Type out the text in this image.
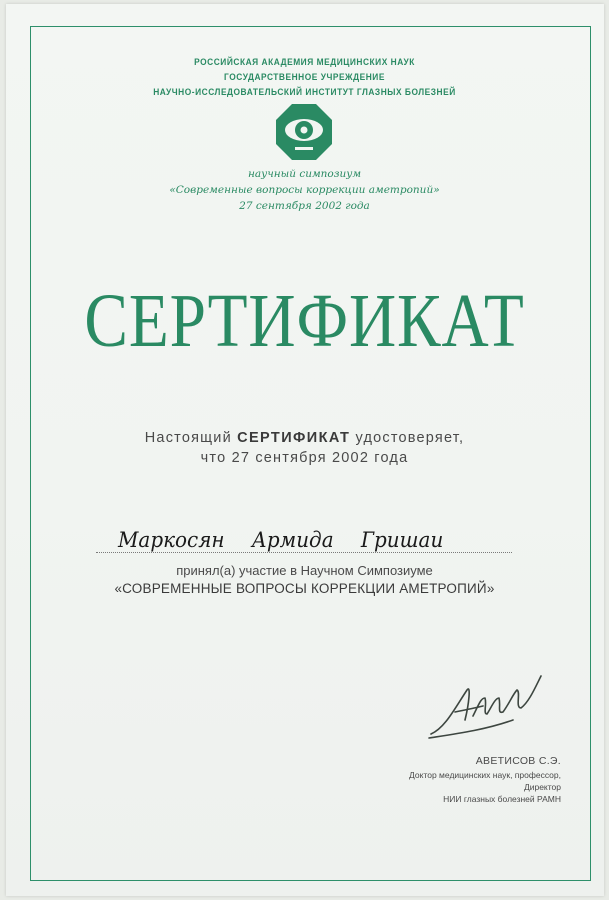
РОССИЙСКАЯ АКАДЕМИЯ МЕДИЦИНСКИХ НАУК
ГОСУДАРСТВЕННОЕ УЧРЕЖДЕНИЕ
НАУЧНО-ИССЛЕДОВАТЕЛЬСКИЙ ИНСТИТУТ ГЛАЗНЫХ БОЛЕЗНЕЙ
научный симпозиум
«Современные вопросы коррекции аметропий»
27 сентября 2002 года
СЕРТИФИКАТ
Настоящий СЕРТИФИКАТ удостоверяет,
что 27 сентября 2002 года
Маркосян Армида Гришаи
принял(а) участие в Научном Симпозиуме
«СОВРЕМЕННЫЕ ВОПРОСЫ КОРРЕКЦИИ АМЕТРОПИЙ»
АВЕТИСОВ С.Э.
Доктор медицинских наук, профессор,
Директор
НИИ глазных болезней РАМН
